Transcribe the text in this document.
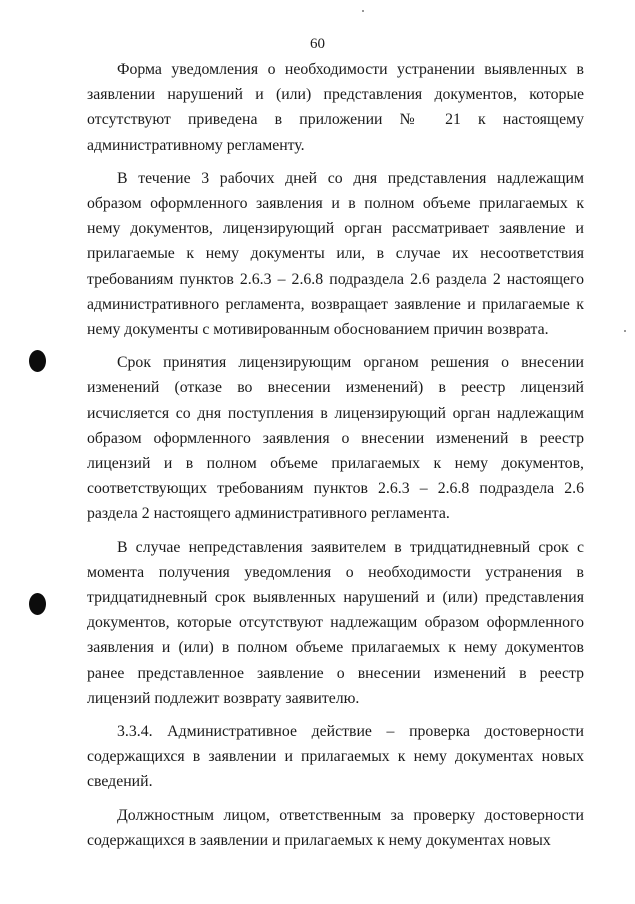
60

Форма уведомления о необходимости устранении выявленных в заявлении нарушений и (или) представления документов, которые отсутствуют приведена в приложении № 21 к настоящему административному регламенту.

В течение 3 рабочих дней со дня представления надлежащим образом оформленного заявления и в полном объеме прилагаемых к нему документов, лицензирующий орган рассматривает заявление и прилагаемые к нему документы или, в случае их несоответствия требованиям пунктов 2.6.3 – 2.6.8 подраздела 2.6 раздела 2 настоящего административного регламента, возвращает заявление и прилагаемые к нему документы с мотивированным обоснованием причин возврата.

Срок принятия лицензирующим органом решения о внесении изменений (отказе во внесении изменений) в реестр лицензий исчисляется со дня поступления в лицензирующий орган надлежащим образом оформленного заявления о внесении изменений в реестр лицензий и в полном объеме прилагаемых к нему документов, соответствующих требованиям пунктов 2.6.3 – 2.6.8 подраздела 2.6 раздела 2 настоящего административного регламента.

В случае непредставления заявителем в тридцатидневный срок с момента получения уведомления о необходимости устранения в тридцатидневный срок выявленных нарушений и (или) представления документов, которые отсутствуют надлежащим образом оформленного заявления и (или) в полном объеме прилагаемых к нему документов ранее представленное заявление о внесении изменений в реестр лицензий подлежит возврату заявителю.

3.3.4. Административное действие – проверка достоверности содержащихся в заявлении и прилагаемых к нему документах новых сведений.

Должностным лицом, ответственным за проверку достоверности содержащихся в заявлении и прилагаемых к нему документах новых
